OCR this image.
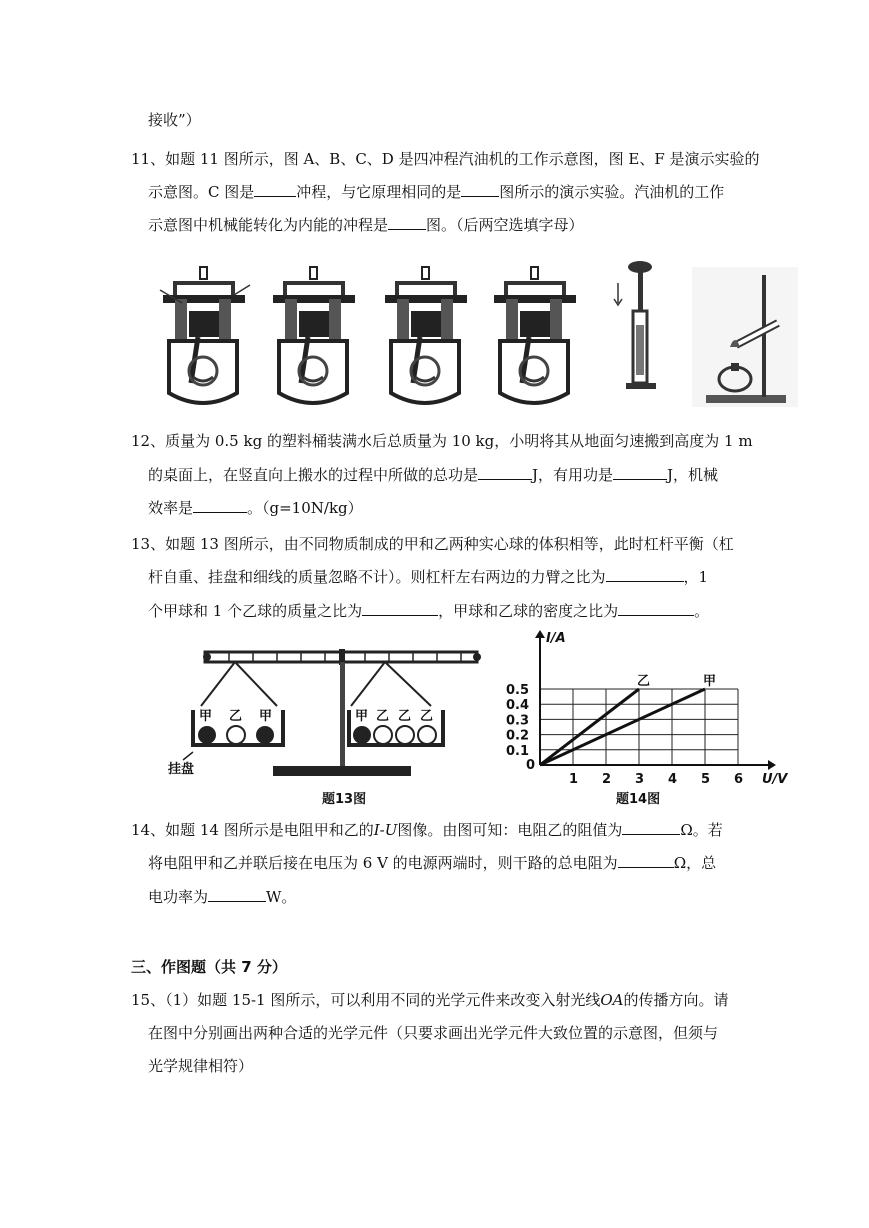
接收”）
11、如题 11 图所示，图 A、B、C、D 是四冲程汽油机的工作示意图，图 E、F 是演示实验的
示意图。C 图是	冲程，与它原理相同的是	图所示的演示实验。汽油机的工作
示意图中机械能转化为内能的冲程是	图。（后两空选填字母）
12、质量为 0.5 kg 的塑料桶装满水后总质量为 10 kg，小明将其从地面匀速搬到高度为 1 m
的桌面上，在竖直向上搬水的过程中所做的总功是	J，有用功是	J，机械
效率是	。（g=10N/kg）
13、如题 13 图所示，由不同物质制成的甲和乙两种实心球的体积相等，此时杠杆平衡（杠
杆自重、挂盘和细线的质量忽略不计）。则杠杆左右两边的力臂之比为	，1
个甲球和 1 个乙球的质量之比为	，甲球和乙球的密度之比为	。
甲 乙 甲	甲 乙 乙 乙
挂盘
题13图
1 2 3 4 5 6
0.1
0.2
0.3
0.4
0.5
0
I/A
U/V
乙	甲
题14图
14、如题 14 图所示是电阻甲和乙的I-U图像。由图可知：电阻乙的阻值为	Ω。若
将电阻甲和乙并联后接在电压为 6 V 的电源两端时，则干路的总电阻为	Ω，总
电功率为	W。
三、作图题（共 7 分）
15、（1）如题 15-1 图所示，可以利用不同的光学元件来改变入射光线OA的传播方向。请
在图中分别画出两种合适的光学元件（只要求画出光学元件大致位置的示意图，但须与
光学规律相符）
